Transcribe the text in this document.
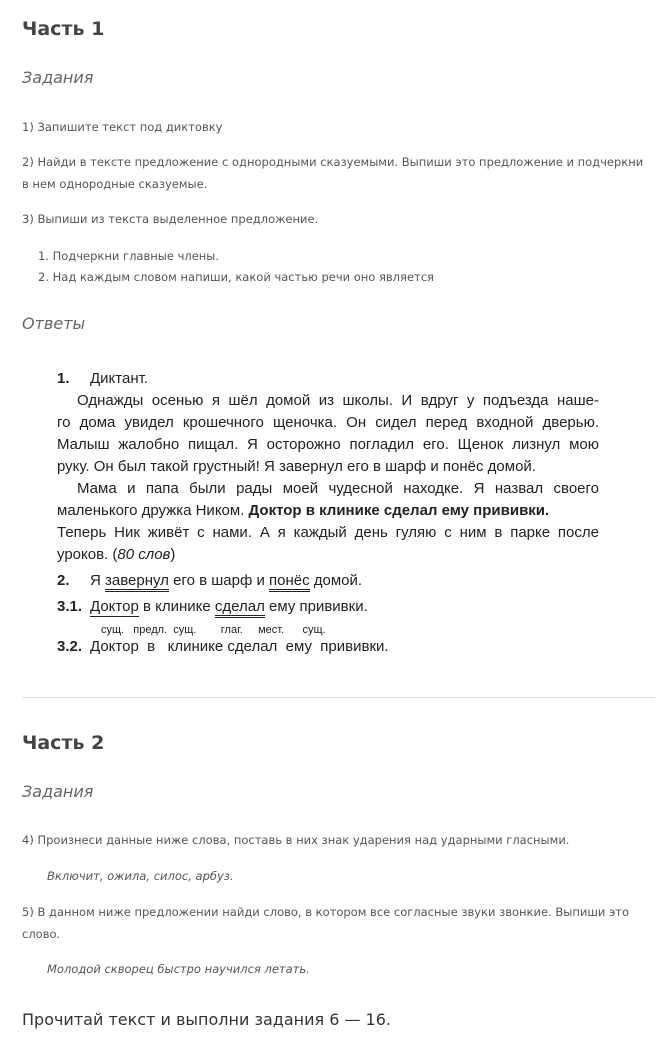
Часть 1
Задания
1) Запишите текст под диктовку
2) Найди в тексте предложение с однородными сказуемыми. Выпиши это предложение и подчеркни в нем однородные сказуемые.
3) Выпиши из текста выделенное предложение.
1. Подчеркни главные члены.
2. Над каждым словом напиши, какой частью речи оно является
Ответы
1. Диктант.
Однажды осенью я шёл домой из школы. И вдруг у подъезда наше-
го дома увидел крошечного щеночка. Он сидел перед входной дверью.
Малыш жалобно пищал. Я осторожно погладил его. Щенок лизнул мою
руку. Он был такой грустный! Я завернул его в шарф и понёс домой.
Мама и папа были рады моей чудесной находке. Я назвал своего
маленького дружка Ником. Доктор в клинике сделал ему прививки.
Теперь Ник живёт с нами. А я каждый день гуляю с ним в парке после
уроков. (80 слов)
2. Я завернул его в шарф и понёс домой.
3.1. Доктор в клинике сделал ему прививки.
сущ.   предл.  сущ.        глаг.     мест.      сущ.
3.2. Доктор  в   клинике сделал  ему  прививки.
Часть 2
Задания
4) Произнеси данные ниже слова, поставь в них знак ударения над ударными гласными.
Включит, ожила, силос, арбуз.
5) В данном ниже предложении найди слово, в котором все согласные звуки звонкие. Выпиши это слово.
Молодой скворец быстро научился летать.
Прочитай текст и выполни задания 6 — 16.
